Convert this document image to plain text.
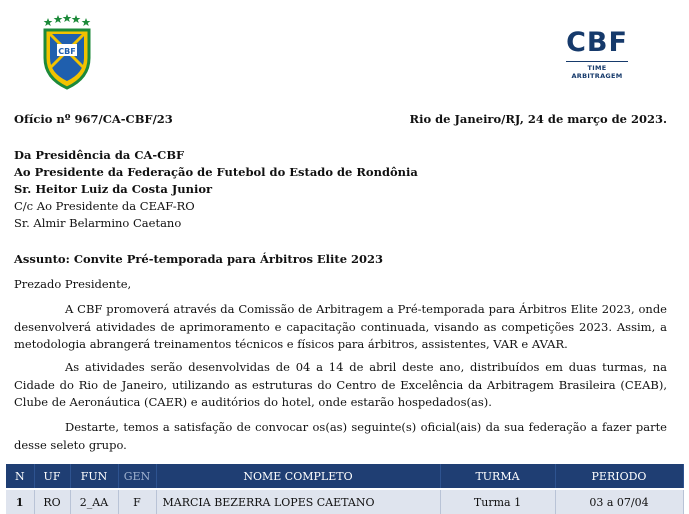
CBF	CBF
TIME ARBITRAGEM
Ofício nº 967/CA-CBF/23	Rio de Janeiro/RJ, 24 de março de 2023.
Da Presidência da CA-CBF
Ao Presidente da Federação de Futebol do Estado de Rondônia
Sr. Heitor Luiz da Costa Junior
C/c Ao Presidente da CEAF-RO
Sr. Almir Belarmino Caetano
Assunto: Convite Pré-temporada para Árbitros Elite 2023
Prezado Presidente,
A CBF promoverá através da Comissão de Arbitragem a Pré-temporada para Árbitros Elite 2023, onde desenvolverá atividades de aprimoramento e capacitação continuada, visando as competições 2023. Assim, a metodologia abrangerá treinamentos técnicos e físicos para árbitros, assistentes, VAR e AVAR.
As atividades serão desenvolvidas de 04 a 14 de abril deste ano, distribuídos em duas turmas, na Cidade do Rio de Janeiro, utilizando as estruturas do Centro de Excelência da Arbitragem Brasileira (CEAB), Clube de Aeronáutica (CAER) e auditórios do hotel, onde estarão hospedados(as).
Destarte, temos a satisfação de convocar os(as) seguinte(s) oficial(ais) da sua federação a fazer parte desse seleto grupo.
N	UF	FUN	GEN	NOME COMPLETO	TURMA	PERIODO
1	RO	2_AA	F	MARCIA BEZERRA LOPES CAETANO	Turma 1	03 a 07/04
